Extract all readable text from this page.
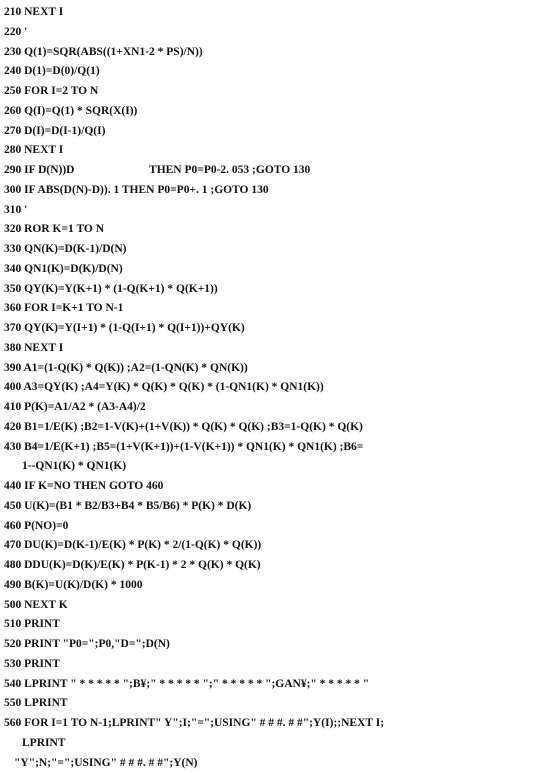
210 NEXT I
220 '
230 Q(1)=SQR(ABS((1+XN1-2 * PS)/N))
240 D(1)=D(0)/Q(1)
250 FOR I=2 TO N
260 Q(I)=Q(1) * SQR(X(I))
270 D(I)=D(I-1)/Q(I)
280 NEXT I
290 IF D(N))D                          THEN P0=P0-2. 053 ;GOTO 130
300 IF ABS(D(N)-D)). 1 THEN P0=P0+. 1 ;GOTO 130
310 '
320 ROR K=1 TO N
330 QN(K)=D(K-1)/D(N)
340 QN1(K)=D(K)/D(N)
350 QY(K)=Y(K+1) * (1-Q(K+1) * Q(K+1))
360 FOR I=K+1 TO N-1
370 QY(K)=Y(I+1) * (1-Q(I+1) * Q(I+1))+QY(K)
380 NEXT I
390 A1=(1-Q(K) * Q(K)) ;A2=(1-QN(K) * QN(K))
400 A3=QY(K) ;A4=Y(K) * Q(K) * Q(K) * (1-QN1(K) * QN1(K))
410 P(K)=A1/A2 * (A3-A4)/2
420 B1=1/E(K) ;B2=1-V(K)+(1+V(K)) * Q(K) * Q(K) ;B3=1-Q(K) * Q(K)
430 B4=1/E(K+1) ;B5=(1+V(K+1))+(1-V(K+1)) * QN1(K) * QN1(K) ;B6=
1--QN1(K) * QN1(K)
440 IF K=NO THEN GOTO 460
450 U(K)=(B1 * B2/B3+B4 * B5/B6) * P(K) * D(K)
460 P(NO)=0
470 DU(K)=D(K-1)/E(K) * P(K) * 2/(1-Q(K) * Q(K))
480 DDU(K)=D(K)/E(K) * P(K-1) * 2 * Q(K) * Q(K)
490 B(K)=U(K)/D(K) * 1000
500 NEXT K
510 PRINT
520 PRINT "P0=";P0,"D=";D(N)
530 PRINT
540 LPRINT " * * * * * ";B¥;" * * * * * ";" * * * * * ";GAN¥;" * * * * * "
550 LPRINT
560 FOR I=1 TO N-1;LPRINT" Y";I;"=";USING" # # #. # #";Y(I);;NEXT I;
LPRINT
"Y";N;"=";USING" # # #. # #";Y(N)
